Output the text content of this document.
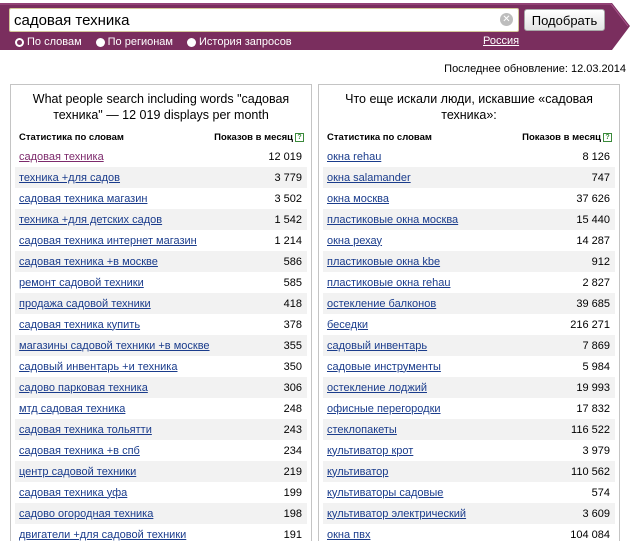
садовая техника
✕	Подобрать
По словам По регионам История запросов	Россия
Последнее обновление: 12.03.2014
What people search including words "садовая техника" — 12 019 displays per month
Статистика по словам	Показов в месяц ?
садовая техника	12 019
техника +для садов	3 779
садовая техника магазин	3 502
техника +для детских садов	1 542
садовая техника интернет магазин	1 214
садовая техника +в москве	586
ремонт садовой техники	585
продажа садовой техники	418
садовая техника купить	378
магазины садовой техники +в москве	355
садовый инвентарь +и техника	350
садово парковая техника	306
мтд садовая техника	248
садовая техника тольятти	243
садовая техника +в спб	234
центр садовой техники	219
садовая техника уфа	199
садово огородная техника	198
двигатели +для садовой техники	191
Что еще искали люди, искавшие «садовая техника»:
Статистика по словам	Показов в месяц ?
окна rehau	8 126
окна salamander	747
окна москва	37 626
пластиковые окна москва	15 440
окна рехау	14 287
пластиковые окна kbe	912
пластиковые окна rehau	2 827
остекление балконов	39 685
беседки	216 271
садовый инвентарь	7 869
садовые инструменты	5 984
остекление лоджий	19 993
офисные перегородки	17 832
стеклопакеты	116 522
культиватор крот	3 979
культиватор	110 562
культиваторы садовые	574
культиватор электрический	3 609
окна пвх	104 084
